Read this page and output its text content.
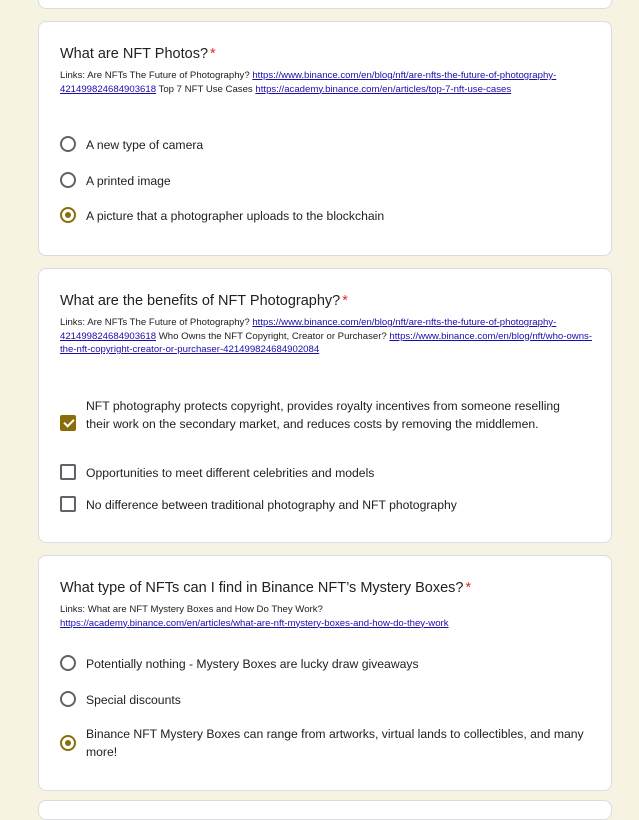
What are NFT Photos? *
Links: Are NFTs The Future of Photography? https://www.binance.com/en/blog/nft/are-nfts-the-future-of-photography-421499824684903618 Top 7 NFT Use Cases https://academy.binance.com/en/articles/top-7-nft-use-cases
A new type of camera
A printed image
A picture that a photographer uploads to the blockchain
What are the benefits of NFT Photography? *
Links: Are NFTs The Future of Photography? https://www.binance.com/en/blog/nft/are-nfts-the-future-of-photography-421499824684903618 Who Owns the NFT Copyright, Creator or Purchaser? https://www.binance.com/en/blog/nft/who-owns-the-nft-copyright-creator-or-purchaser-421499824684902084
NFT photography protects copyright, provides royalty incentives from someone reselling their work on the secondary market, and reduces costs by removing the middlemen.
Opportunities to meet different celebrities and models
No difference between traditional photography and NFT photography
What type of NFTs can I find in Binance NFT’s Mystery Boxes? *
Links: What are NFT Mystery Boxes and How Do They Work?
https://academy.binance.com/en/articles/what-are-nft-mystery-boxes-and-how-do-they-work
Potentially nothing - Mystery Boxes are lucky draw giveaways
Special discounts
Binance NFT Mystery Boxes can range from artworks, virtual lands to collectibles, and many more!
